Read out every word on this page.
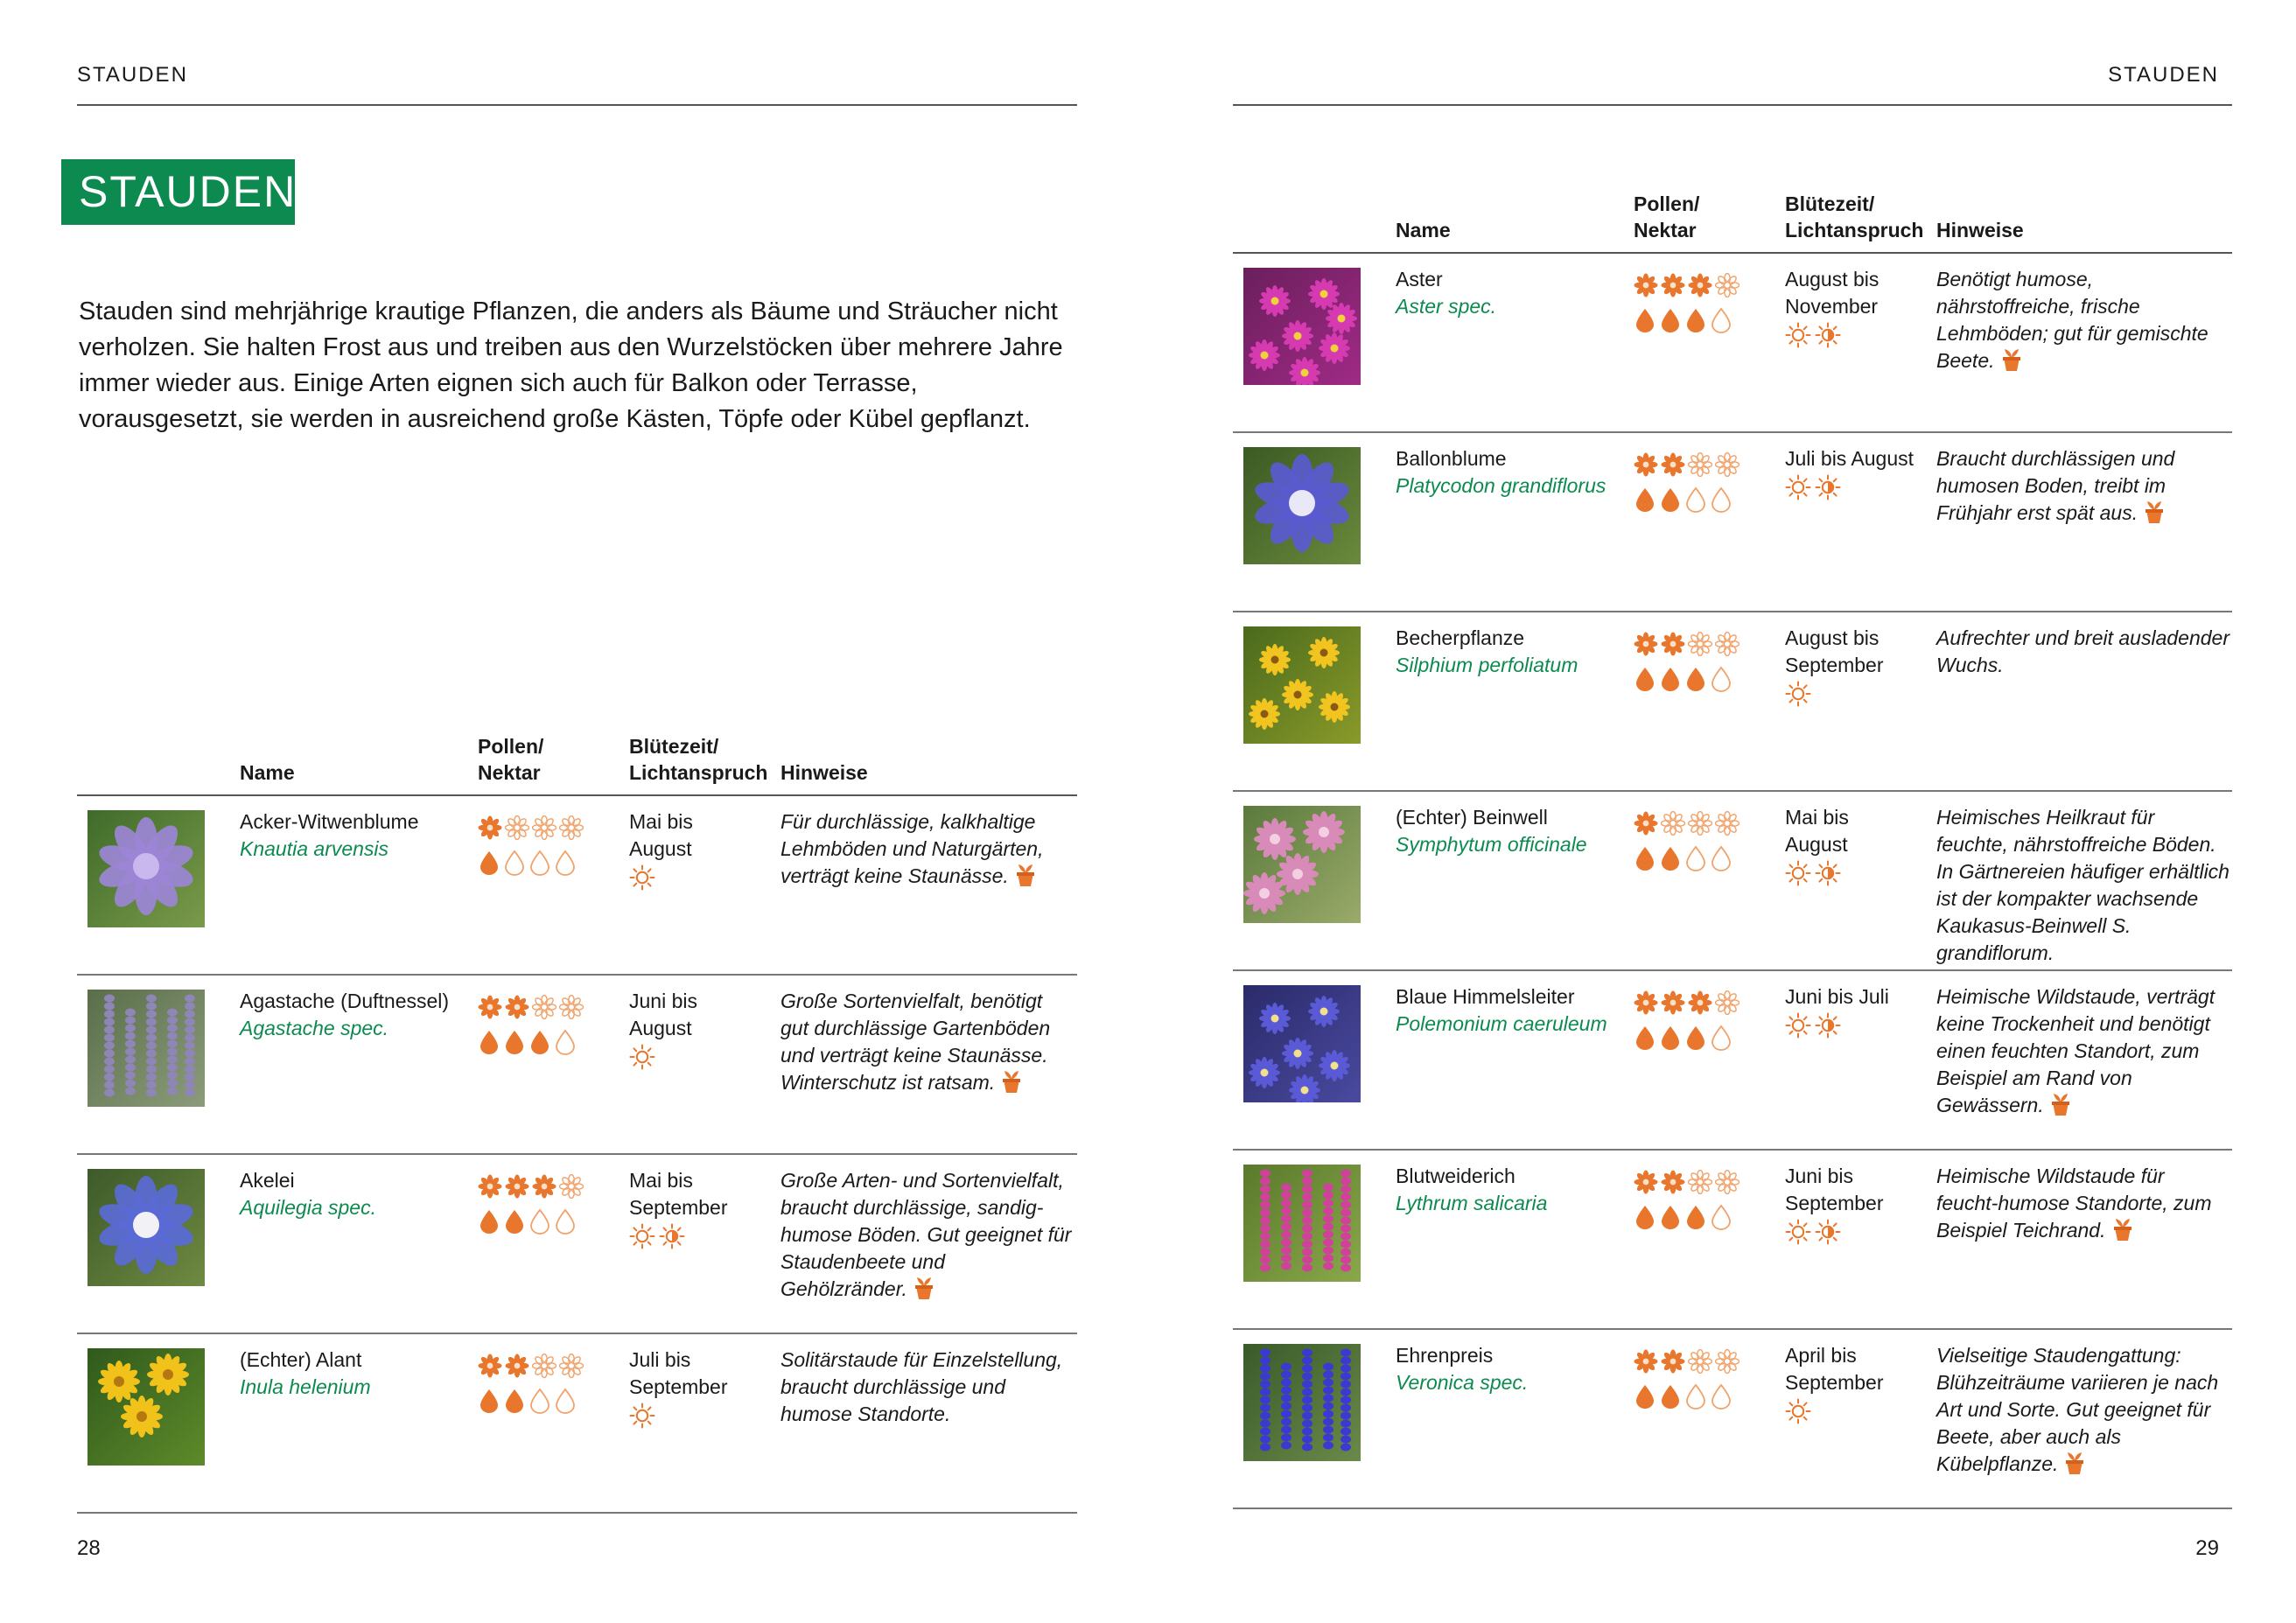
STAUDEN
STAUDEN
Stauden sind mehrjährige krautige Pflanzen, die anders als Bäume und Sträucher nicht verholzen. Sie halten Frost aus und treiben aus den Wurzelstöcken über mehrere Jahre immer wieder aus. Einige Arten eignen sich auch für Balkon oder Terrasse, vorausgesetzt, sie werden in ausreichend große Kästen, Töpfe oder Kübel gepflanzt.
Name
Pollen/
Nektar
Blütezeit/
Lichtanspruch Hinweise
Acker-Witwenblume
Knautia arvensis
Mai bis
August
Für durchlässige, kalkhaltige Lehmböden und Naturgärten, verträgt keine Staunässe.
Agastache (Duftnessel)
Agastache spec.
Juni bis
August
Große Sortenvielfalt, benötigt gut durchlässige Gartenböden und verträgt keine Staunässe. Winterschutz ist ratsam.
Akelei
Aquilegia spec.
Mai bis
September
Große Arten- und Sortenvielfalt, braucht durchlässige, sandig-humose Böden. Gut geeignet für Staudenbeete und Gehölzränder.
(Echter) Alant
Inula helenium
Juli bis
September
Solitärstaude für Einzelstellung, braucht durchlässige und humose Standorte.
28
STAUDEN
Name
Pollen/
Nektar
Blütezeit/
Lichtanspruch Hinweise
Aster
Aster spec.
August bis
November
Benötigt humose, nährstoffreiche, frische Lehmböden; gut für gemischte Beete.
Ballonblume
Platycodon grandiflorus
Juli bis August	Braucht durchlässigen und humosen Boden, treibt im Frühjahr erst spät aus.
Becherpflanze
Silphium perfoliatum
August bis
September
Aufrechter und breit ausladender Wuchs.
(Echter) Beinwell
Symphytum officinale
Mai bis
August
Heimisches Heilkraut für feuchte, nährstoffreiche Böden. In Gärtnereien häufiger erhältlich ist der kompakter wachsende Kaukasus-Beinwell S. grandiflorum.
Blaue Himmelsleiter
Polemonium caeruleum
Juni bis Juli	Heimische Wildstaude, verträgt keine Trockenheit und benötigt einen feuchten Standort, zum Beispiel am Rand von Gewässern.
Blutweiderich
Lythrum salicaria
Juni bis
September
Heimische Wildstaude für feucht-humose Standorte, zum Beispiel Teichrand.
Ehrenpreis
Veronica spec.
April bis
September
Vielseitige Staudengattung: Blühzeiträume variieren je nach Art und Sorte. Gut geeignet für Beete, aber auch als Kübelpflanze.
29
